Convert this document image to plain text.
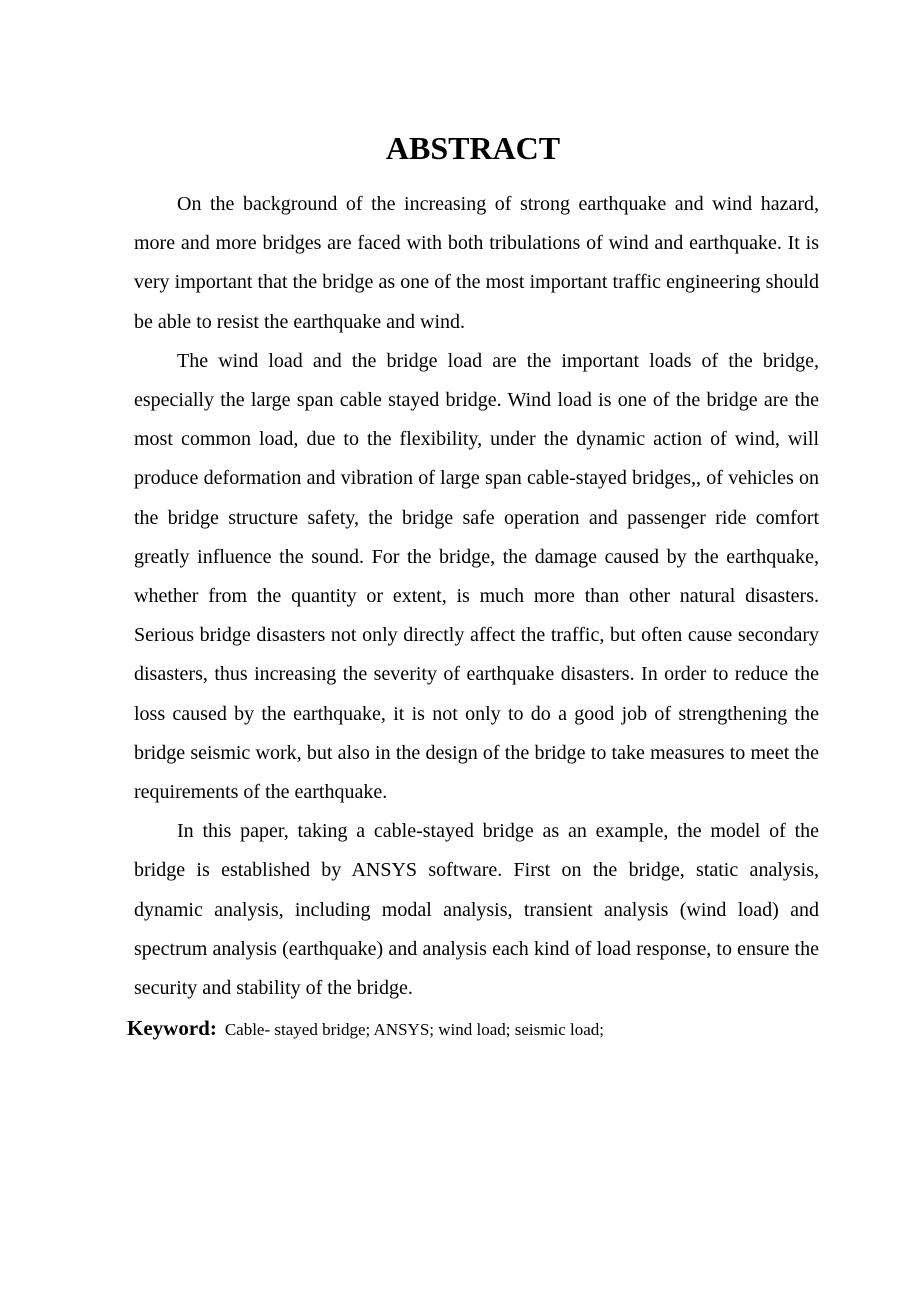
ABSTRACT

On the background of the increasing of strong earthquake and wind hazard, more and more bridges are faced with both tribulations of wind and earthquake. It is very important that the bridge as one of the most important traffic engineering should be able to resist the earthquake and wind.

The wind load and the bridge load are the important loads of the bridge, especially the large span cable stayed bridge. Wind load is one of the bridge are the most common load, due to the flexibility, under the dynamic action of wind, will produce deformation and vibration of large span cable-stayed bridges,, of vehicles on the bridge structure safety, the bridge safe operation and passenger ride comfort greatly influence the sound. For the bridge, the damage caused by the earthquake, whether from the quantity or extent, is much more than other natural disasters. Serious bridge disasters not only directly affect the traffic, but often cause secondary disasters, thus increasing the severity of earthquake disasters. In order to reduce the loss caused by the earthquake, it is not only to do a good job of strengthening the bridge seismic work, but also in the design of the bridge to take measures to meet the requirements of the earthquake.

In this paper, taking a cable-stayed bridge as an example, the model of the bridge is established by ANSYS software. First on the bridge, static analysis, dynamic analysis, including modal analysis, transient analysis (wind load) and spectrum analysis (earthquake) and analysis each kind of load response, to ensure the security and stability of the bridge.

Keyword: Cable- stayed bridge; ANSYS; wind load; seismic load;
